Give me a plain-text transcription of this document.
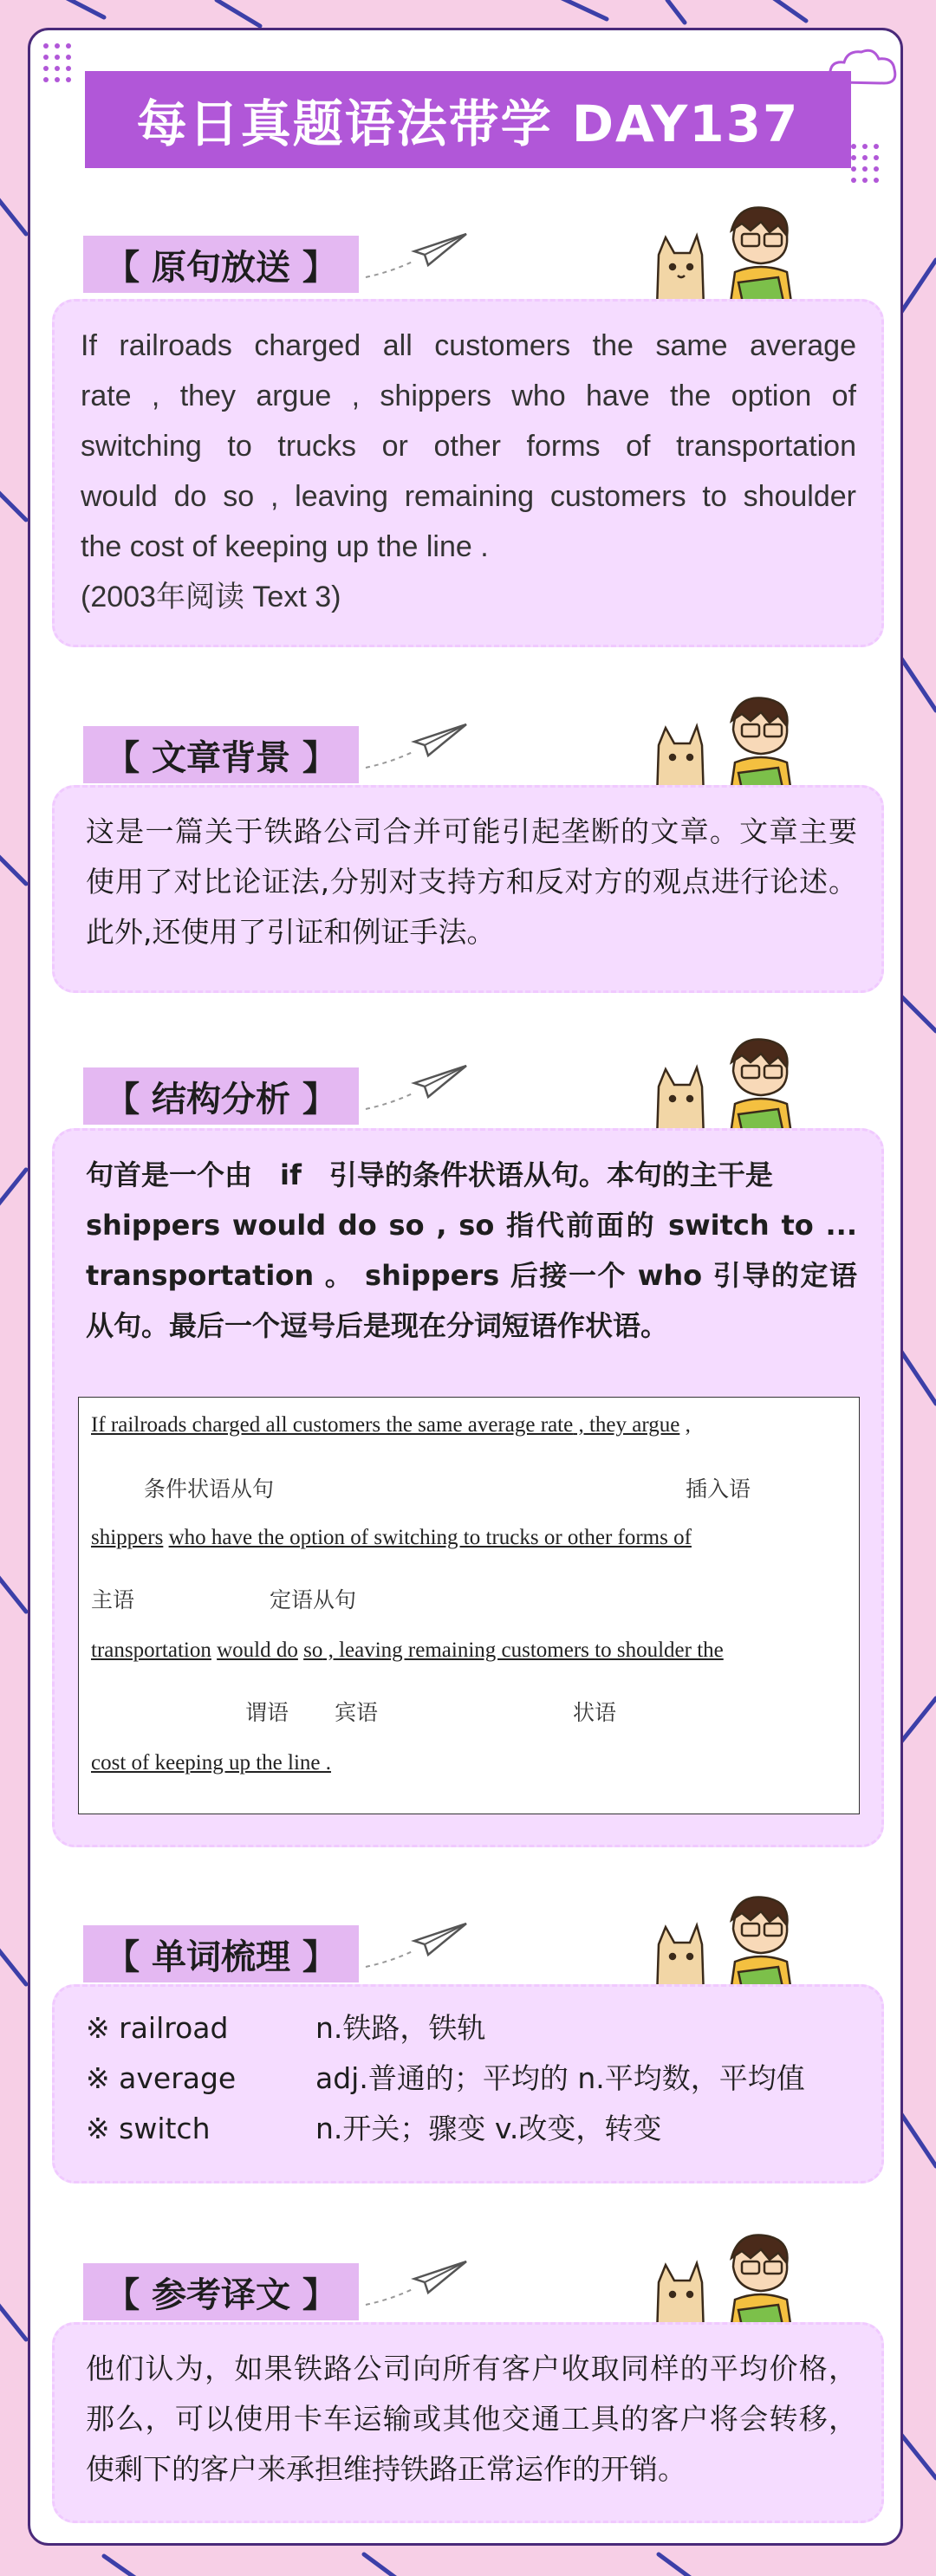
每日真题语法带学 DAY137
【 原句放送 】
If railroads charged all customers the same average
rate , they argue , shippers who have the option of
switching to trucks or other forms of transportation
would do so , leaving remaining customers to shoulder
the cost of keeping up the line .
(2003年阅读 Text 3)
【 文章背景 】
这是一篇关于铁路公司合并可能引起垄断的文章。文章主要使用了对比论证法,分别对支持方和反对方的观点进行论述。此外,还使用了引证和例证手法。
【 结构分析 】
句首是一个由　if　引导的条件状语从句。本句的主干是
shippers would do so , so 指代前面的 switch to ...
transportation 。 shippers 后接一个 who 引导的定语
从句。最后一个逗号后是现在分词短语作状语。
If railroads charged all customers the same average rate , they argue ,
条件状语从句	插入语
shippers who have the option of switching to trucks or other forms of
主语	定语从句
transportation would do so , leaving remaining customers to shoulder the
谓语 宾语	状语
cost of keeping up the line .
【 单词梳理 】
※ railroad	n.铁路，铁轨
※ average	adj.普通的；平均的 n.平均数，平均值
※ switch	n.开关；骤变 v.改变，转变
【 参考译文 】
他们认为，如果铁路公司向所有客户收取同样的平均价格，那么，可以使用卡车运输或其他交通工具的客户将会转移，使剩下的客户来承担维持铁路正常运作的开销。
